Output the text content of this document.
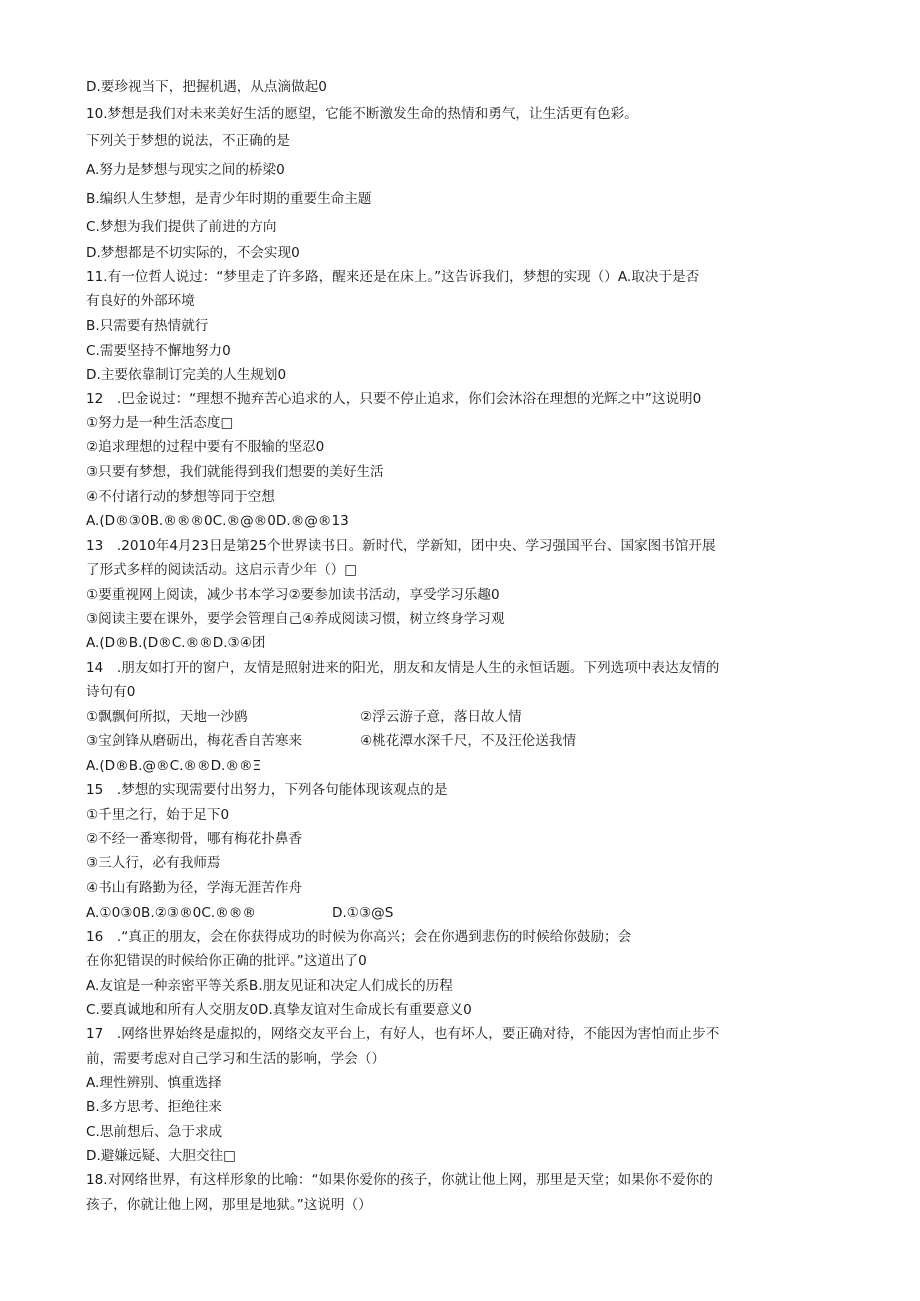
D.要珍视当下，把握机遇，从点滴做起0
10.梦想是我们对未来美好生活的愿望，它能不断激发生命的热情和勇气，让生活更有色彩。
下列关于梦想的说法，不正确的是
A.努力是梦想与现实之间的桥梁0
B.编织人生梦想，是青少年时期的重要生命主题
C.梦想为我们提供了前进的方向
D.梦想都是不切实际的，不会实现0
11.有一位哲人说过：“梦里走了许多路，醒来还是在床上。”这告诉我们，梦想的实现（）A.取决于是否
有良好的外部环境
B.只需要有热情就行
C.需要坚持不懈地努力0
D.主要依靠制订完美的人生规划0
12　.巴金说过：“理想不抛弃苦心追求的人，只要不停止追求，你们会沐浴在理想的光辉之中”这说明0
①努力是一种生活态度□
②追求理想的过程中要有不服输的坚忍0
③只要有梦想，我们就能得到我们想要的美好生活
④不付诸行动的梦想等同于空想
A.(D®③0B.®®®0C.®@®0D.®@®13
13　.2010年4月23日是第25个世界读书日。新时代，学新知，团中央、学习强国平台、国家图书馆开展
了形式多样的阅读活动。这启示青少年（）□
①要重视网上阅读，减少书本学习②要参加读书活动，享受学习乐趣0
③阅读主要在课外，要学会管理自己④养成阅读习惯，树立终身学习观
A.(D®B.(D®C.®®D.③④团
14　.朋友如打开的窗户，友情是照射进来的阳光，朋友和友情是人生的永恒话题。下列选项中表达友情的
诗句有0
①飘飘何所拟，天地一沙鸥	②浮云游子意，落日故人情
③宝剑锋从磨砺出，梅花香自苦寒来	④桃花潭水深千尺，不及汪伦送我情
A.(D®B.@®C.®®D.®®Ξ
15　.梦想的实现需要付出努力，下列各句能体现该观点的是
①千里之行，始于足下0
②不经一番寒彻骨，哪有梅花扑鼻香
③三人行，必有我师焉
④书山有路勤为径，学海无涯苦作舟
A.①0③0B.②③®0C.®®®	D.①③@S
16　.“真正的朋友，会在你获得成功的时候为你高兴；会在你遇到悲伤的时候给你鼓励；会
在你犯错误的时候给你正确的批评。”这道出了0
A.友谊是一种亲密平等关系B.朋友见证和决定人们成长的历程
C.要真诚地和所有人交朋友0D.真挚友谊对生命成长有重要意义0
17　.网络世界始终是虚拟的，网络交友平台上，有好人，也有坏人，要正确对待，不能因为害怕而止步不
前，需要考虑对自己学习和生活的影响，学会（）
A.理性辨别、慎重选择
B.多方思考、拒绝往来
C.思前想后、急于求成
D.避嫌远疑、大胆交往□
18.对网络世界，有这样形象的比喻：“如果你爱你的孩子，你就让他上网，那里是天堂；如果你不爱你的
孩子，你就让他上网，那里是地狱。”这说明（）
